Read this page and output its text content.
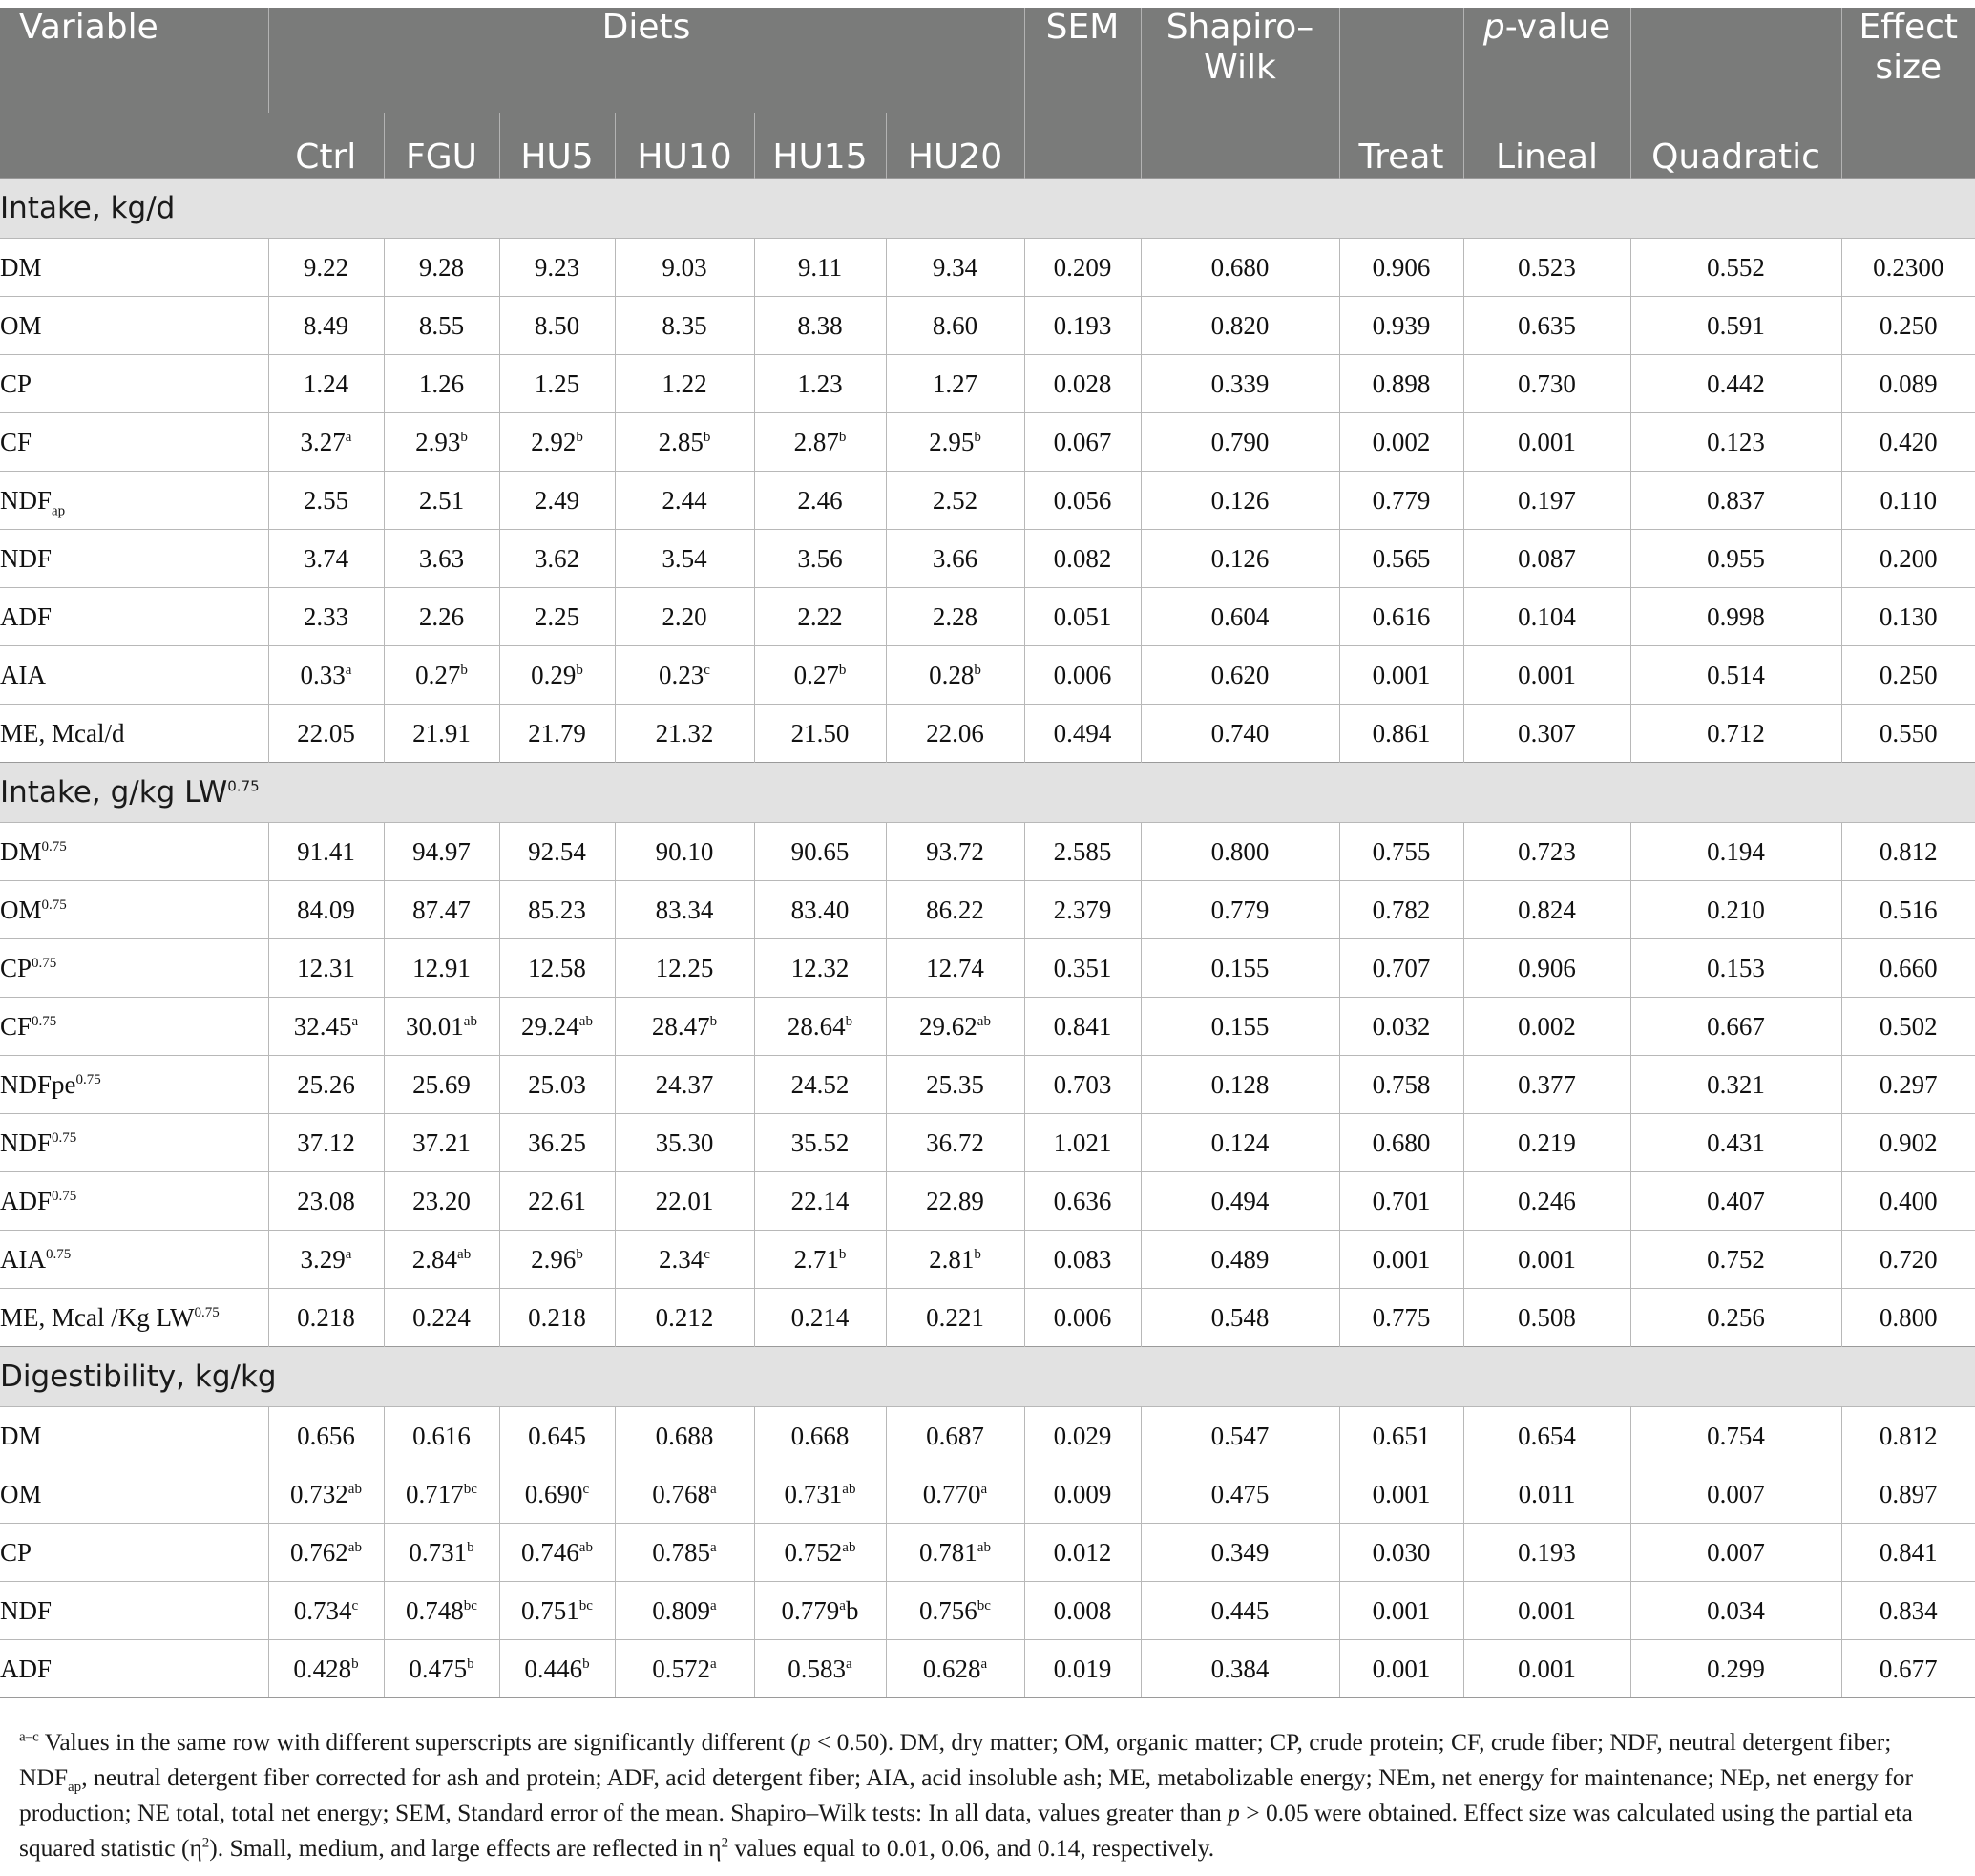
Variable	Diets						SEM	Shapiro–Wilk		p-value		Effect size
	Ctrl	FGU	HU5	HU10	HU15	HU20			Treat	Lineal	Quadratic	
Intake, kg/d												
DM	9.22	9.28	9.23	9.03	9.11	9.34	0.209	0.680	0.906	0.523	0.552	0.2300
OM	8.49	8.55	8.50	8.35	8.38	8.60	0.193	0.820	0.939	0.635	0.591	0.250
CP	1.24	1.26	1.25	1.22	1.23	1.27	0.028	0.339	0.898	0.730	0.442	0.089
CF	3.27$^a$	2.93$^b$	2.92$^b$	2.85$^b$	2.87$^b$	2.95$^b$	0.067	0.790	0.002	0.001	0.123	0.420
$NDF_{ap}$	2.55	2.51	2.49	2.44	2.46	2.52	0.056	0.126	0.779	0.197	0.837	0.110
NDF	3.74	3.63	3.62	3.54	3.56	3.66	0.082	0.126	0.565	0.087	0.955	0.200
ADF	2.33	2.26	2.25	2.20	2.22	2.28	0.051	0.604	0.616	0.104	0.998	0.130
AIA	0.33$^a$	0.27$^b$	0.29$^b$	0.23$^c$	0.27$^b$	0.28$^b$	0.006	0.620	0.001	0.001	0.514	0.250
ME, Mcal/d	22.05	21.91	21.79	21.32	21.50	22.06	0.494	0.740	0.861	0.307	0.712	0.550
Intake, g/kg $LW^{0.75}$
$DM^{0.75}$	91.41	94.97	92.54	90.10	90.65	93.72	2.585	0.800	0.755	0.723	0.194	0.812
$OM^{0.75}$	84.09	87.47	85.23	83.34	83.40	86.22	2.379	0.779	0.782	0.824	0.210	0.516
$CP^{0.75}$	12.31	12.91	12.58	12.25	12.32	12.74	0.351	0.155	0.707	0.906	0.153	0.660
$CF^{0.75}$	32.45$^a$	30.01$^{ab}$	29.24$^{ab}$	28.47$^b$	28.64$^b$	29.62$^{ab}$	0.841	0.155	0.032	0.002	0.667	0.502
NDFpe$^{0.75}$	25.26	25.69	25.03	24.37	24.52	25.35	0.703	0.128	0.758	0.377	0.321	0.297
$NDF^{0.75}$	37.12	37.21	36.25	35.30	35.52	36.72	1.021	0.124	0.680	0.219	0.431	0.902
$ADF^{0.75}$	23.08	23.20	22.61	22.01	22.14	22.89	0.636	0.494	0.701	0.246	0.407	0.400
$AIA^{0.75}$	3.29$^a$	2.84$^{ab}$	2.96$^b$	2.34$^c$	2.71$^b$	2.81$^b$	0.083	0.489	0.001	0.001	0.752	0.720
ME, Mcal /Kg $LW^{0.75}$	0.218	0.224	0.218	0.212	0.214	0.221	0.006	0.548	0.775	0.508	0.256	0.800
Digestibility, kg/kg												
DM	0.656	0.616	0.645	0.688	0.668	0.687	0.029	0.547	0.651	0.654	0.754	0.812
OM	0.732$^{ab}$	0.717$^{bc}$	0.690$^c$	0.768$^a$	0.731$^{ab}$	0.770$^a$	0.009	0.475	0.001	0.011	0.007	0.897
CP	0.762$^{ab}$	0.731$^b$	0.746$^{ab}$	0.785$^a$	0.752$^{ab}$	0.781$^{ab}$	0.012	0.349	0.030	0.193	0.007	0.841
NDF	0.734$^c$	0.748$^{bc}$	0.751$^{bc}$	0.809$^a$	0.779$^a$b	0.756$^{bc}$	0.008	0.445	0.001	0.001	0.034	0.834
ADF	0.428$^b$	0.475$^b$	0.446$^b$	0.572$^a$	0.583$^a$	0.628$^a$	0.019	0.384	0.001	0.001	0.299	0.677
$^{a-c}$ Values in the same row with different superscripts are significantly different (p < 0.50). DM, dry matter; OM, organic matter; CP, crude protein; CF, crude fiber; NDF, neutral detergent fiber; $NDF_{ap}$, neutral detergent fiber corrected for ash and protein; ADF, acid detergent fiber; AIA, acid insoluble ash; ME, metabolizable energy; NEm, net energy for maintenance; NEp, net energy for production; NE total, total net energy; SEM, Standard error of the mean. Shapiro–Wilk tests: In all data, values greater than p > 0.05 were obtained. Effect size was calculated using the partial eta squared statistic $(\eta^2)$. Small, medium, and large effects are reflected in $\eta^2$ values equal to 0.01, 0.06, and 0.14, respectively.
